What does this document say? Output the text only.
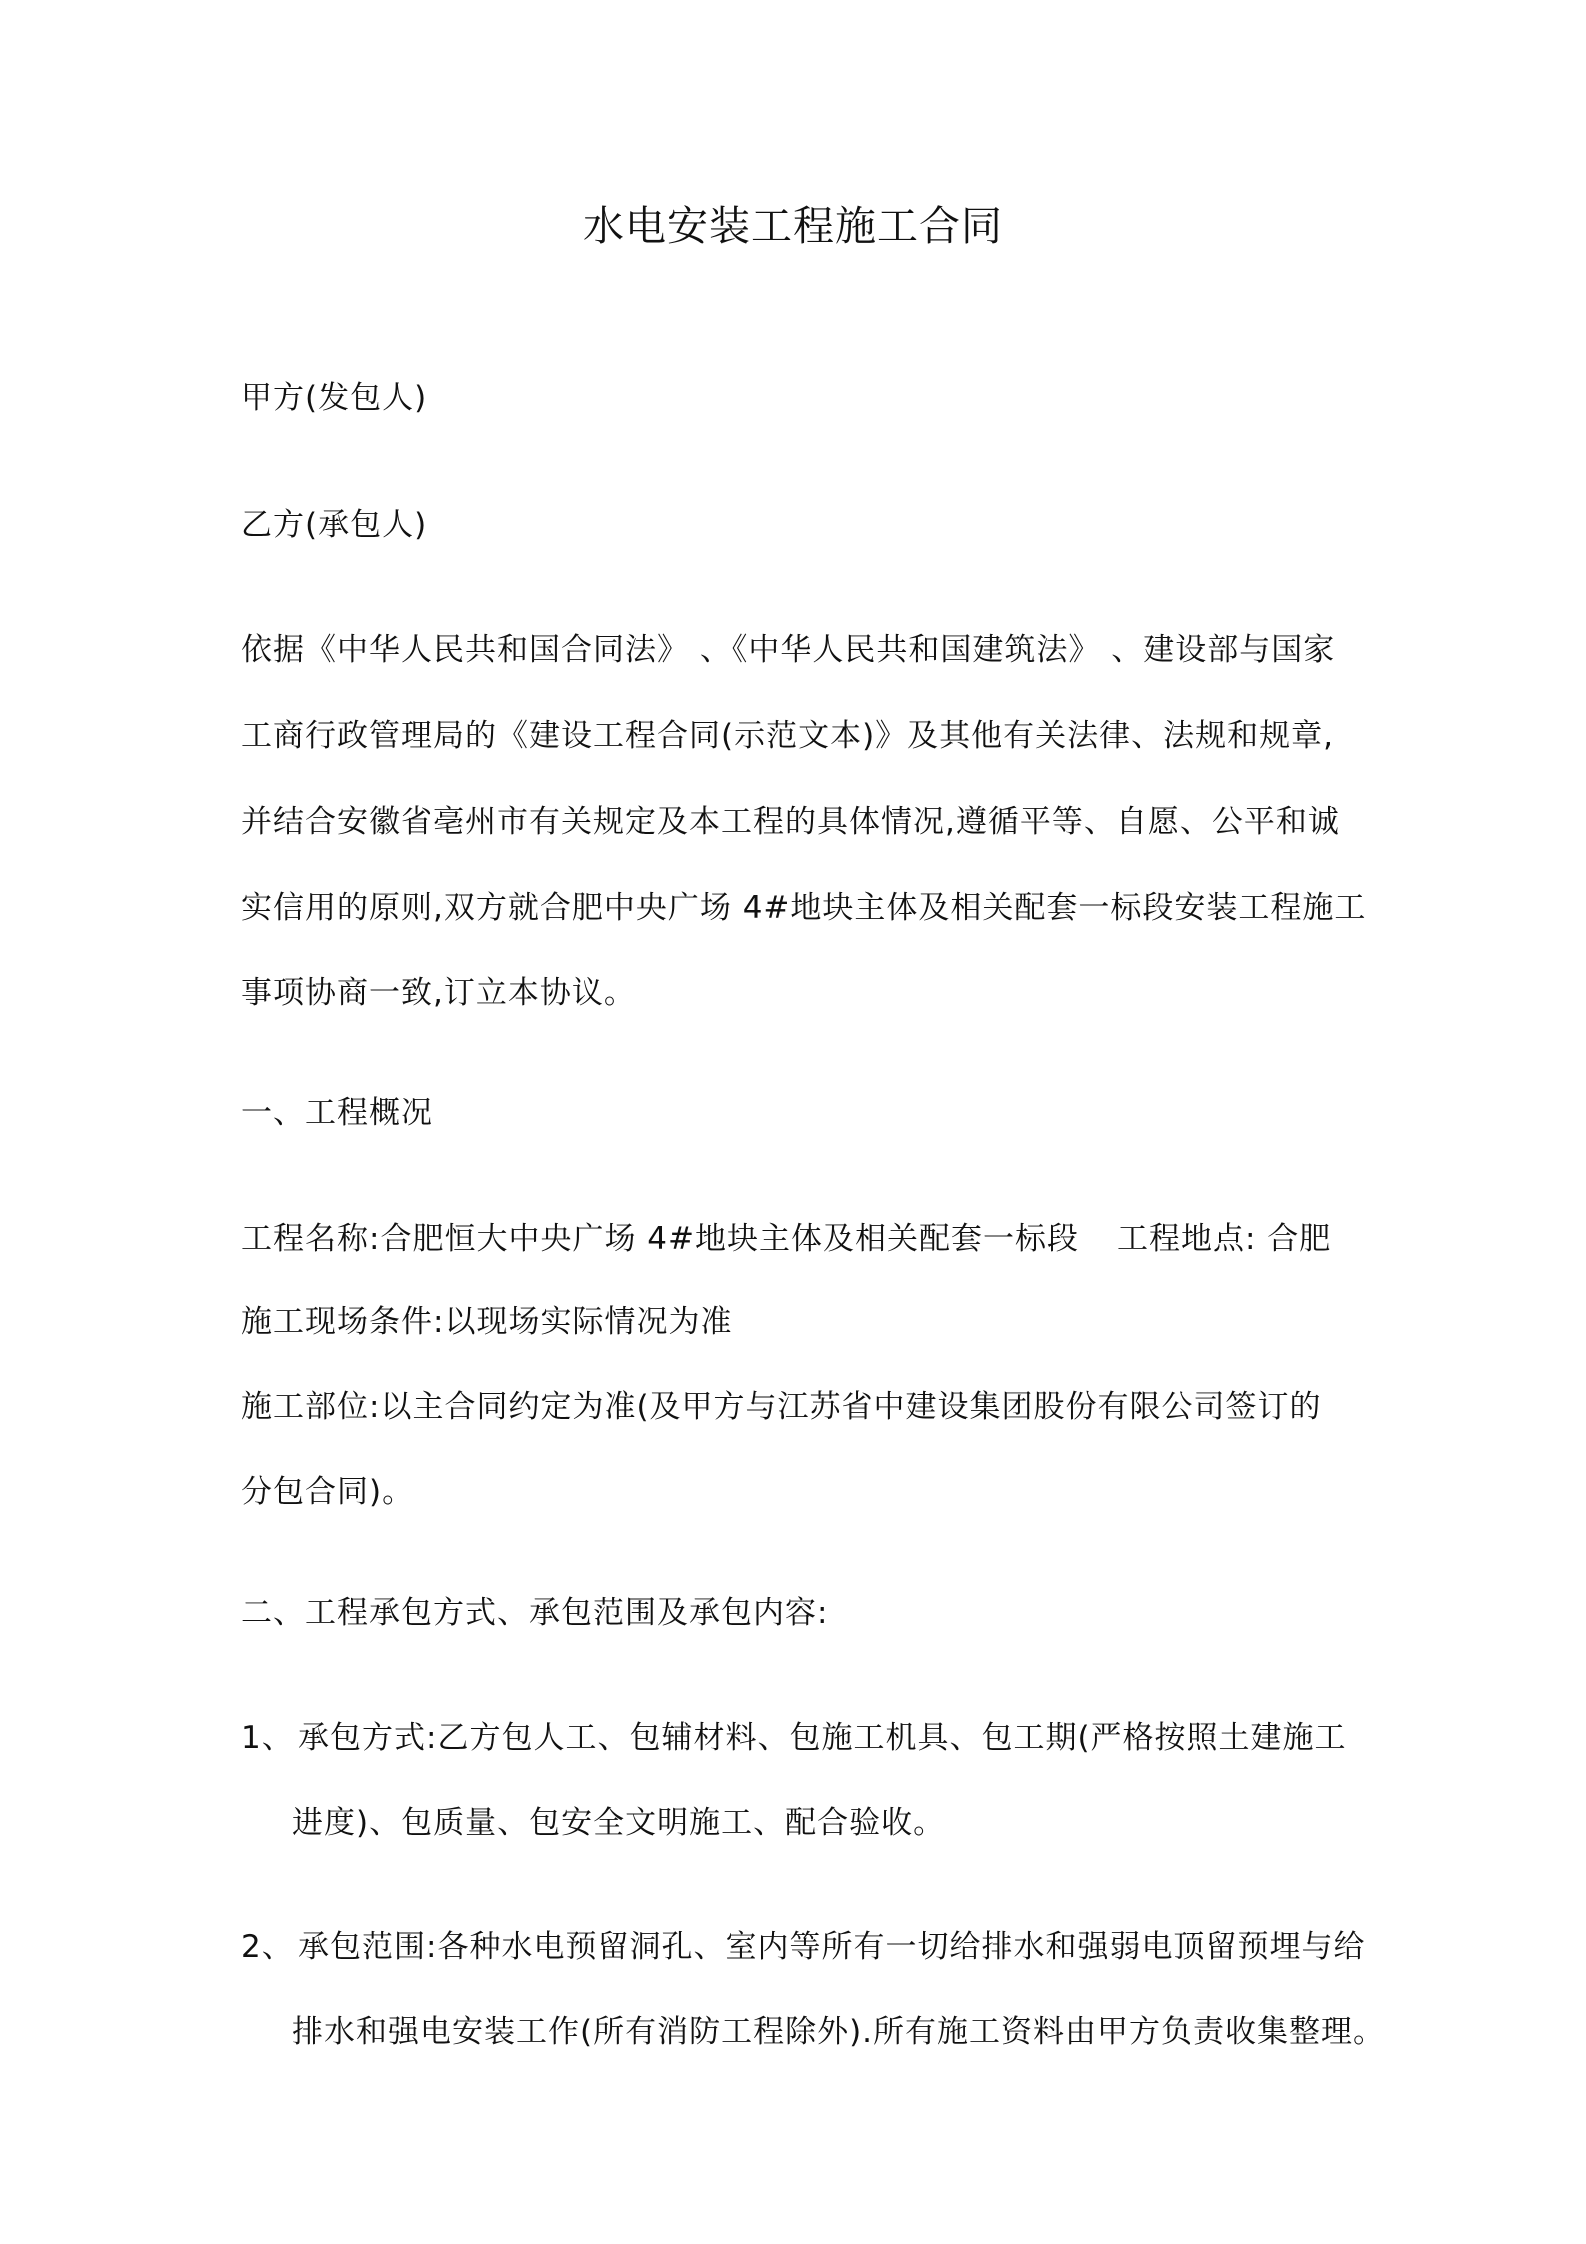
水电安装工程施工合同
甲方(发包人)
乙方(承包人)
依据《中华人民共和国合同法》 、《中华人民共和国建筑法》 、建设部与国家
工商行政管理局的《建设工程合同(示范文本)》及其他有关法律、法规和规章,
并结合安徽省亳州市有关规定及本工程的具体情况,遵循平等、自愿、公平和诚
实信用的原则,双方就合肥中央广场 4#地块主体及相关配套一标段安装工程施工
事项协商一致,订立本协议。
一、工程概况
工程名称:合肥恒大中央广场 4#地块主体及相关配套一标段 工程地点: 合肥
施工现场条件:以现场实际情况为准
施工部位:以主合同约定为准(及甲方与江苏省中建设集团股份有限公司签订的
分包合同)。
二、工程承包方式、承包范围及承包内容:
1、 承包方式:乙方包人工、包辅材料、包施工机具、包工期(严格按照土建施工
进度)、包质量、包安全文明施工、配合验收。
2、 承包范围:各种水电预留洞孔、室内等所有一切给排水和强弱电顶留预埋与给
排水和强电安装工作(所有消防工程除外).所有施工资料由甲方负责收集整理。
